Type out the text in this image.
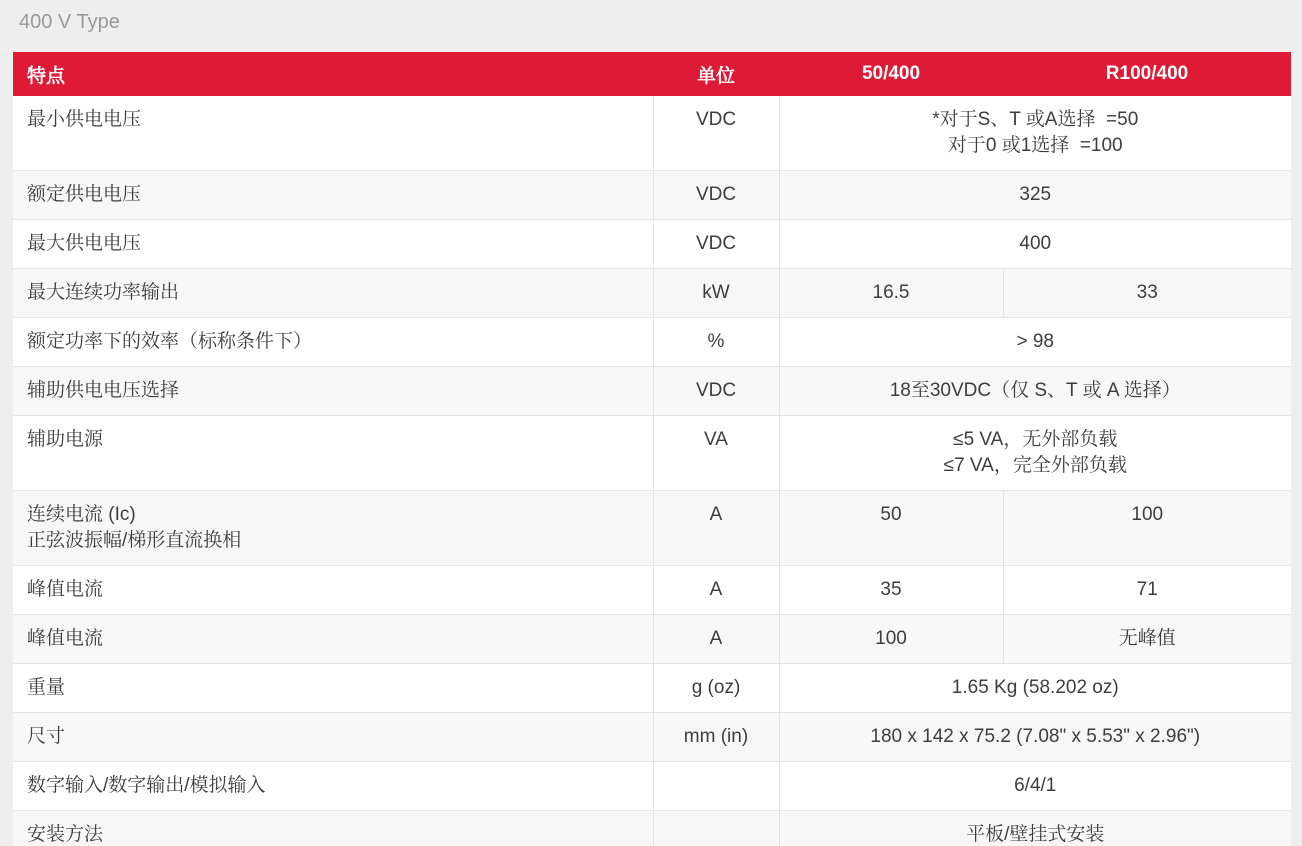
400 V Type
特点	单位	50/400	R100/400

最小供电电压	VDC	*对于S、T 或A选择  =50
对于0 或1选择  =100	

额定供电电压	VDC	325	

最大供电电压	VDC	400	

最大连续功率输出	kW	16.5	33

额定功率下的效率（标称条件下）	%	> 98	

辅助供电电压选择	VDC	18至30VDC（仅 S、T 或 A 选择）	

辅助电源	VA	≤5 VA，无外部负载
≤7 VA，完全外部负载	

连续电流 (Ic)
正弦波振幅/梯形直流换相	A	50	100

峰值电流	A	35	71

峰值电流	A	100	无峰值

重量	g (oz)	1.65 Kg (58.202 oz)	

尺寸	mm (in)	180 x 142 x 75.2 (7.08" x 5.53" x 2.96")	

数字输入/数字输出/模拟输入		6/4/1	

安装方法		平板/壁挂式安装	
